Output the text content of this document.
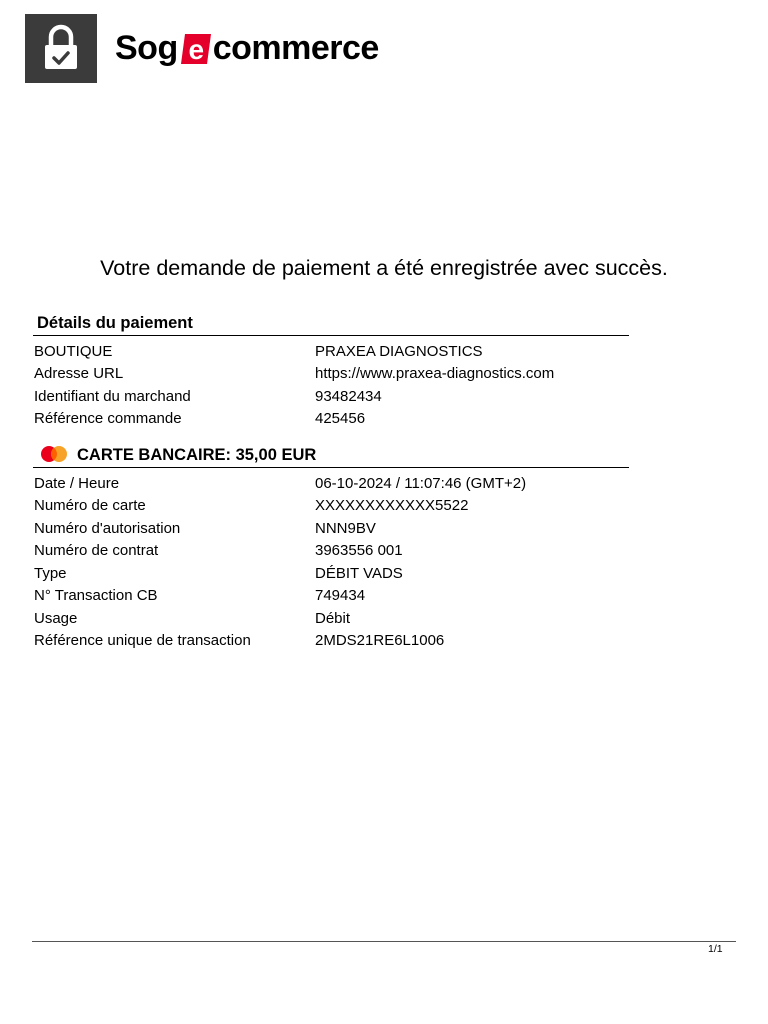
Sog e commerce
Votre demande de paiement a été enregistrée avec succès.
Détails du paiement
BOUTIQUE	PRAXEA DIAGNOSTICS
Adresse URL	https://www.praxea-diagnostics.com
Identifiant du marchand	93482434
Référence commande	425456
CARTE BANCAIRE: 35,00 EUR
Date / Heure	06-10-2024 / 11:07:46 (GMT+2)
Numéro de carte	XXXXXXXXXXXX5522
Numéro d'autorisation	NNN9BV
Numéro de contrat	3963556 001
Type	DÉBIT VADS
N° Transaction CB	749434
Usage	Débit
Référence unique de transaction	2MDS21RE6L1006
1/1
